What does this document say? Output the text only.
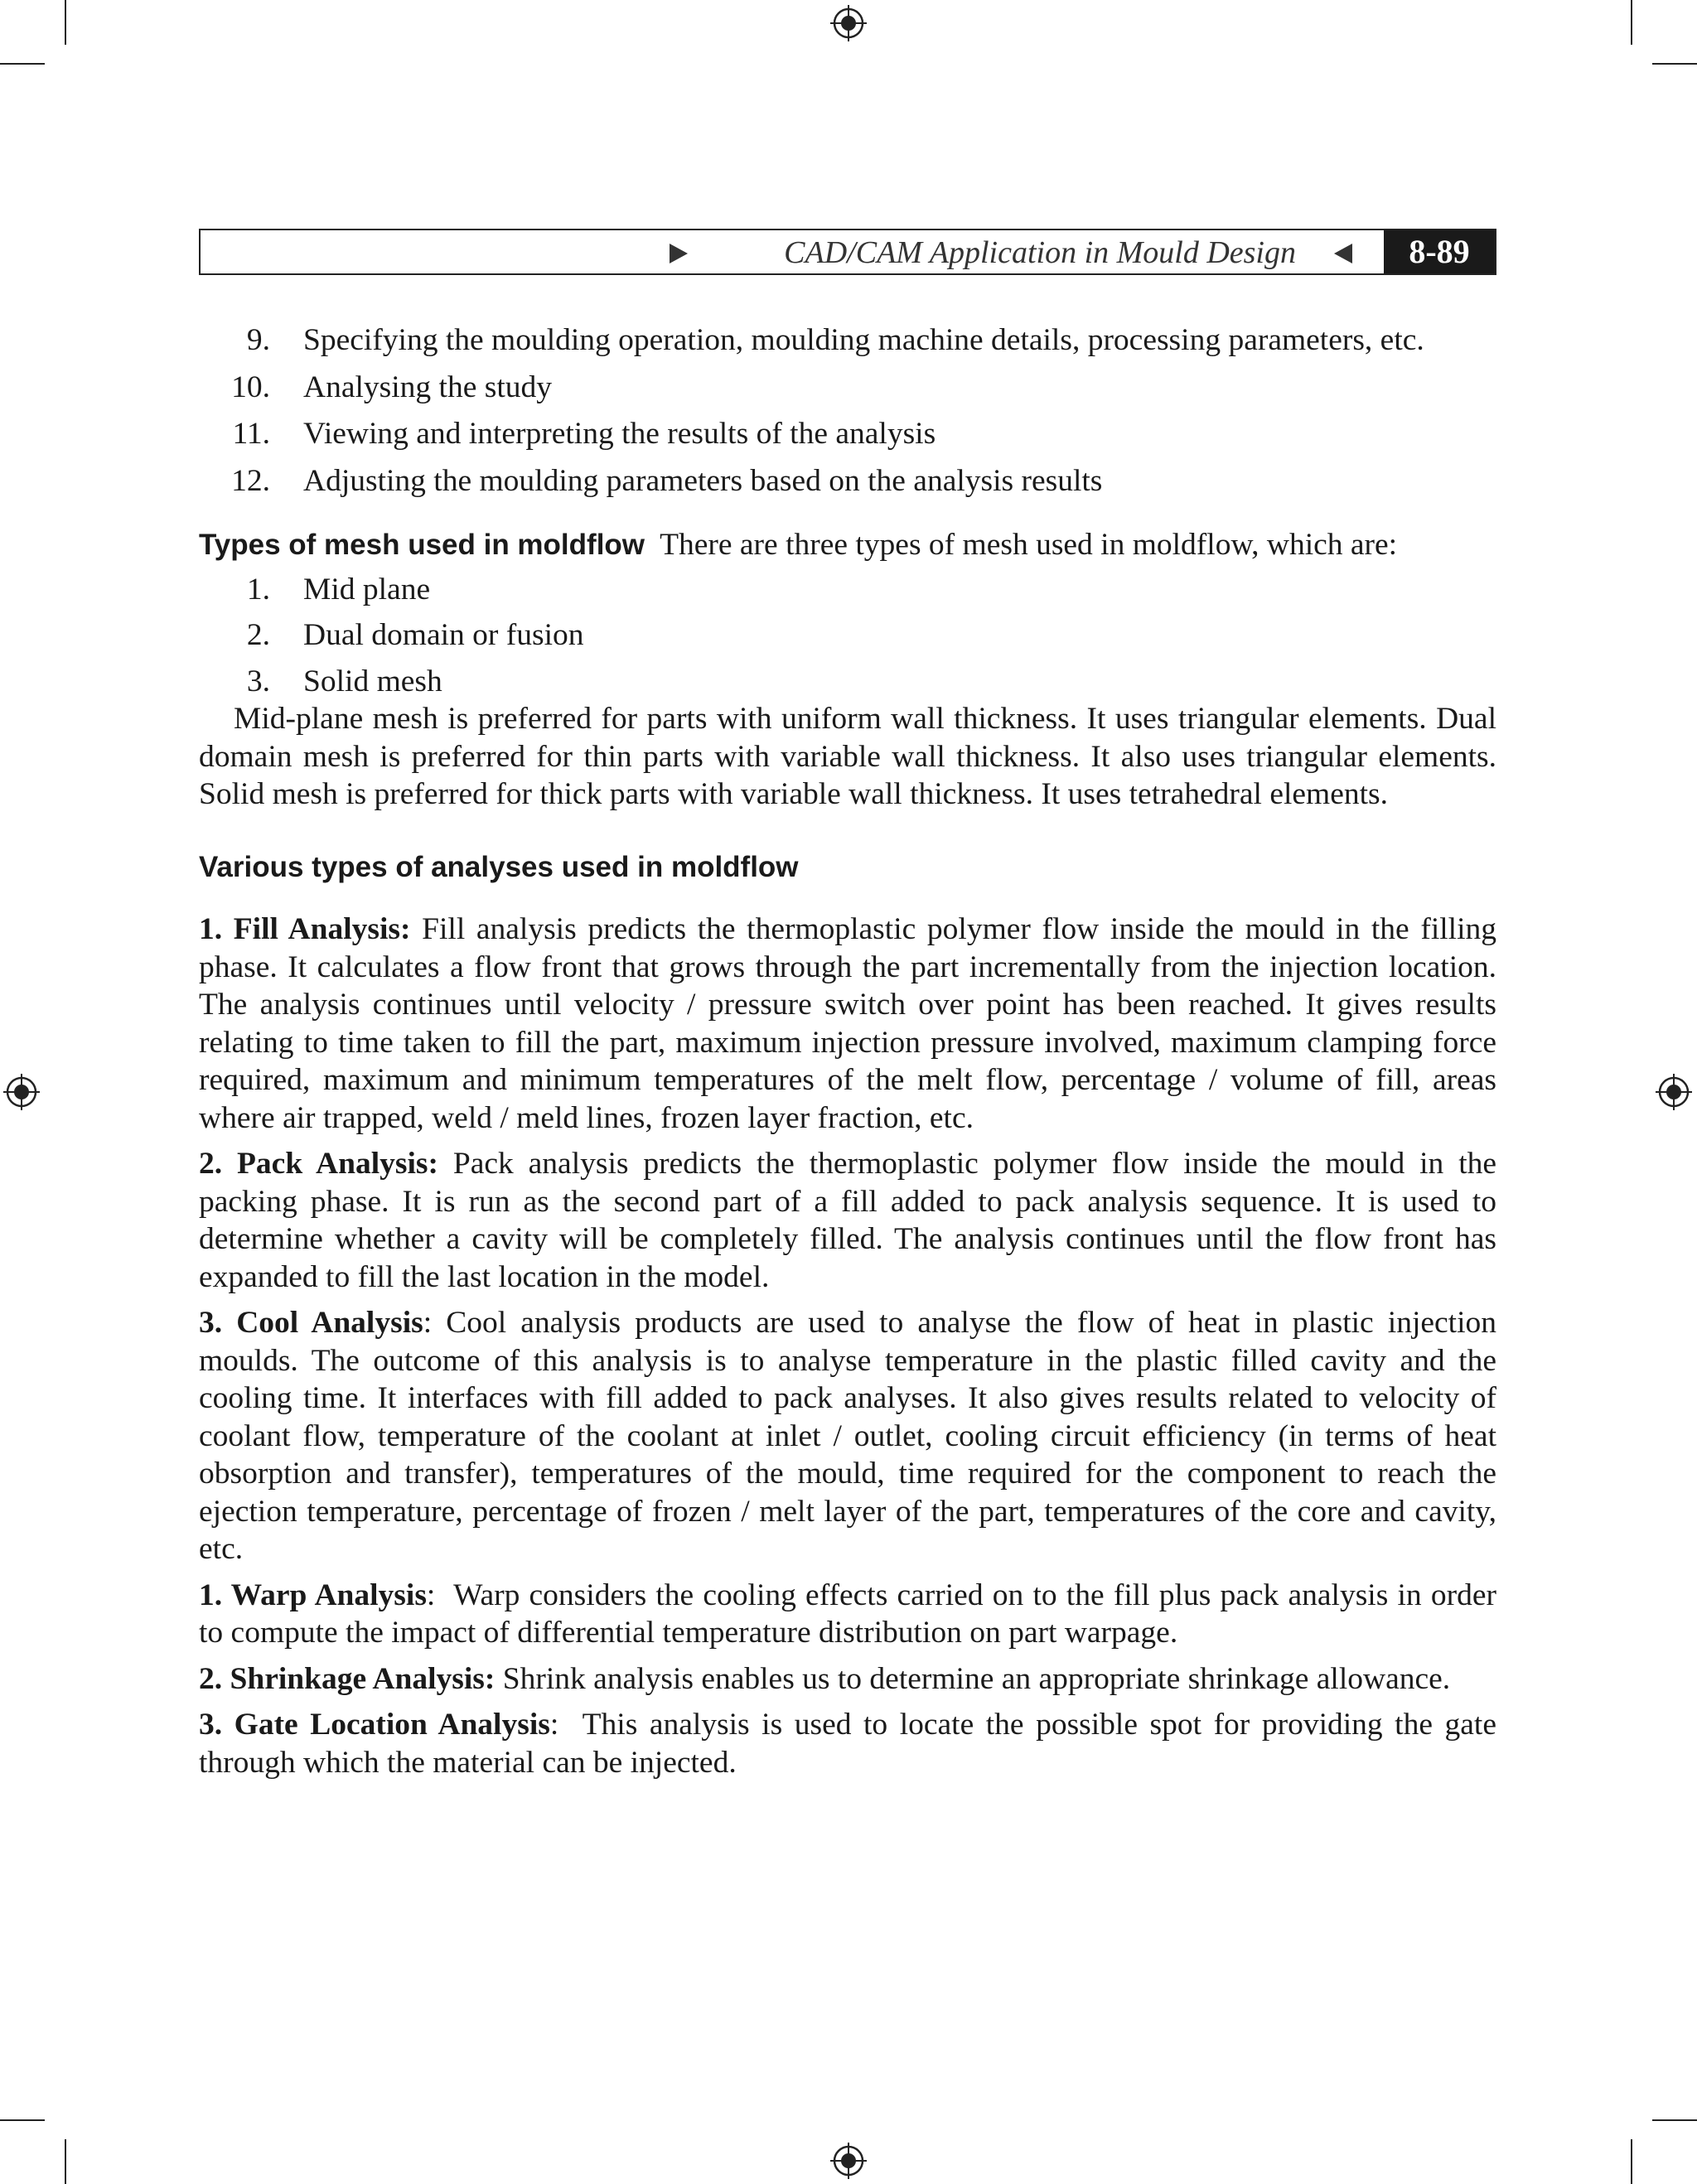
CAD/CAM Application in Mould Design	8-89
9. Specifying the moulding operation, moulding machine details, processing parameters, etc.
10. Analysing the study
11. Viewing and interpreting the results of the analysis
12. Adjusting the moulding parameters based on the analysis results

Types of mesh used in moldflow There are three types of mesh used in moldflow, which are:

1. Mid plane
2. Dual domain or fusion
3. Solid mesh

Mid-plane mesh is preferred for parts with uniform wall thickness. It uses triangular elements. Dual domain mesh is preferred for thin parts with variable wall thickness. It also uses triangular elements. Solid mesh is preferred for thick parts with variable wall thickness. It uses tetrahedral elements.

Various types of analyses used in moldflow

1. Fill Analysis: Fill analysis predicts the thermoplastic polymer flow inside the mould in the filling phase. It calculates a flow front that grows through the part incrementally from the injection location. The analysis continues until velocity / pressure switch over point has been reached. It gives results relating to time taken to fill the part, maximum injection pressure involved, maximum clamping force required, maximum and minimum temperatures of the melt flow, percentage / volume of fill, areas where air trapped, weld / meld lines, frozen layer fraction, etc.

2. Pack Analysis: Pack analysis predicts the thermoplastic polymer flow inside the mould in the packing phase. It is run as the second part of a fill added to pack analysis sequence. It is used to determine whether a cavity will be completely filled. The analysis continues until the flow front has expanded to fill the last location in the model.

3. Cool Analysis: Cool analysis products are used to analyse the flow of heat in plastic injection moulds. The outcome of this analysis is to analyse temperature in the plastic filled cavity and the cooling time. It interfaces with fill added to pack analyses. It also gives results related to velocity of coolant flow, temperature of the coolant at inlet / outlet, cooling circuit efficiency (in terms of heat obsorption and transfer), temperatures of the mould, time required for the component to reach the ejection temperature, percentage of frozen / melt layer of the part, temperatures of the core and cavity, etc.

1. Warp Analysis:  Warp considers the cooling effects carried on to the fill plus pack analysis in order to compute the impact of differential temperature distribution on part warpage.

2. Shrinkage Analysis: Shrink analysis enables us to determine an appropriate shrinkage allowance.

3. Gate Location Analysis:  This analysis is used to locate the possible spot for providing the gate through which the material can be injected.
